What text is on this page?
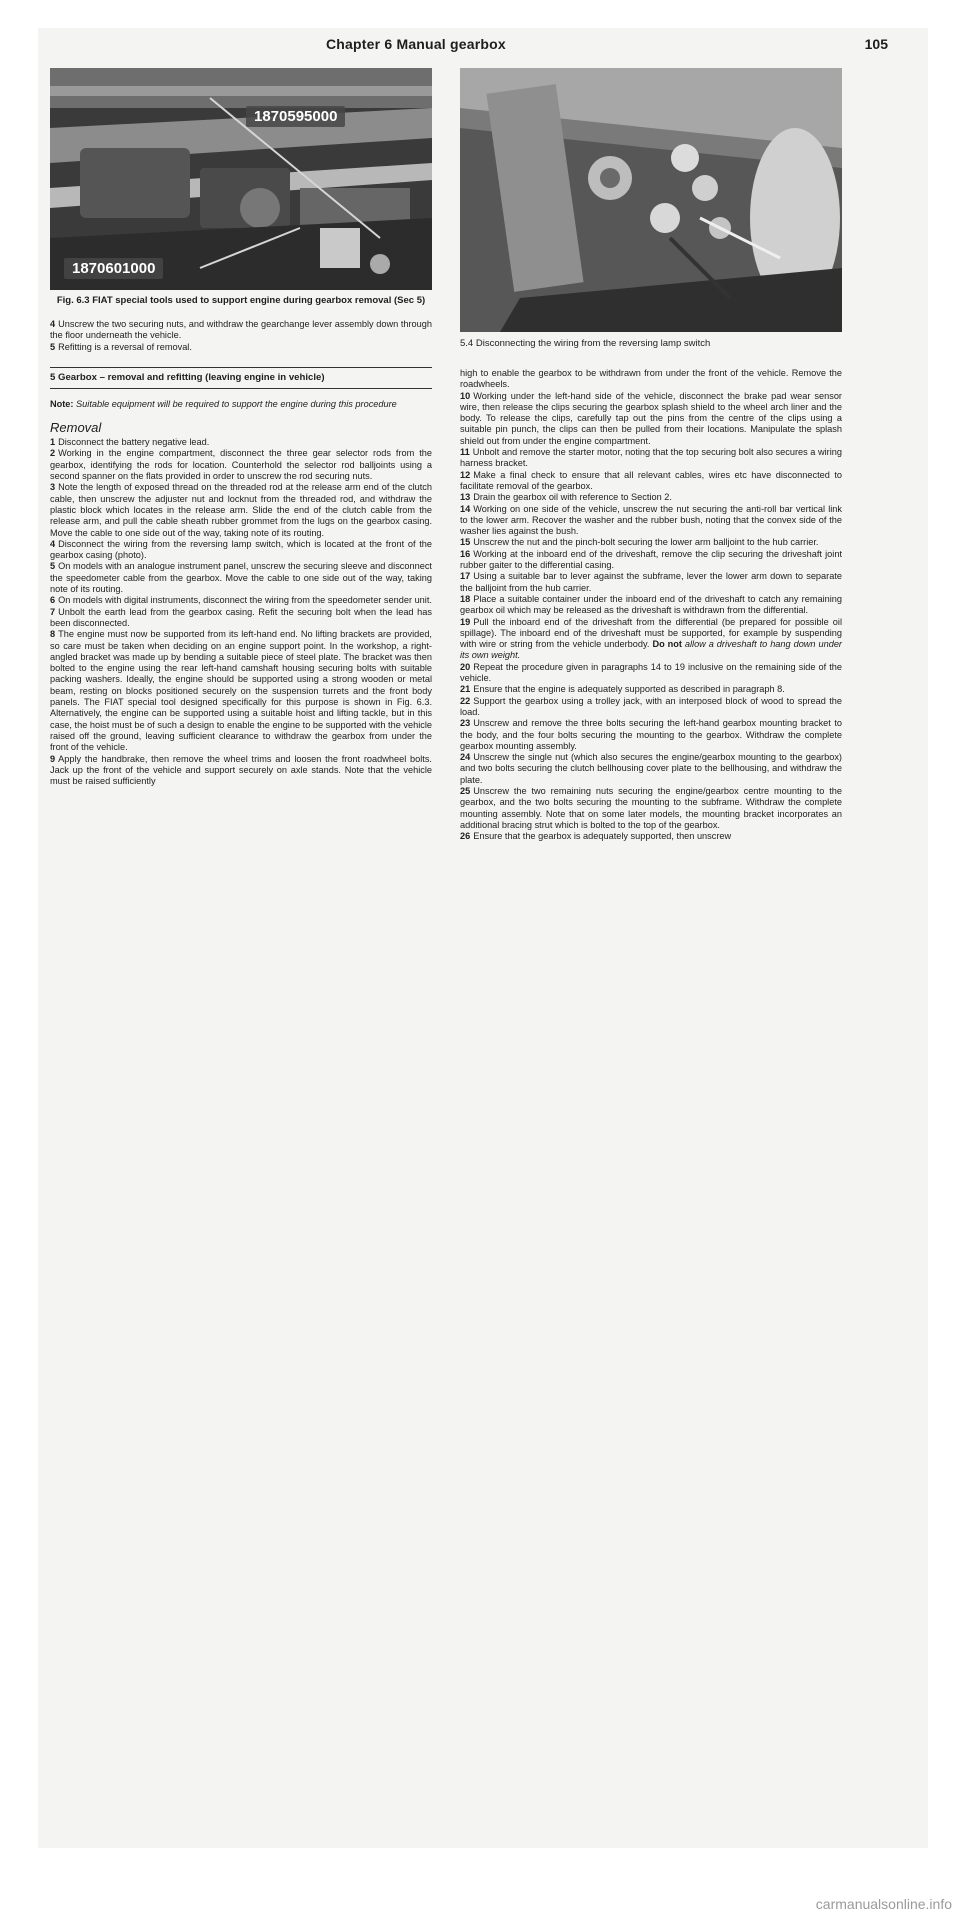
Chapter 6 Manual gearbox	105
1870595000
1870601000
Fig. 6.3 FIAT special tools used to support engine during gearbox removal (Sec 5)

4 Unscrew the two securing nuts, and withdraw the gearchange lever assembly down through the floor underneath the vehicle.

5 Refitting is a reversal of removal.

5 Gearbox – removal and refitting (leaving engine in vehicle)

Note: Suitable equipment will be required to support the engine during this procedure

Removal

1 Disconnect the battery negative lead.

2 Working in the engine compartment, disconnect the three gear selector rods from the gearbox, identifying the rods for location. Counterhold the selector rod balljoints using a second spanner on the flats provided in order to unscrew the rod securing nuts.

3 Note the length of exposed thread on the threaded rod at the release arm end of the clutch cable, then unscrew the adjuster nut and locknut from the threaded rod, and withdraw the plastic block which locates in the release arm. Slide the end of the clutch cable from the release arm, and pull the cable sheath rubber grommet from the lugs on the gearbox casing. Move the cable to one side out of the way, taking note of its routing.

4 Disconnect the wiring from the reversing lamp switch, which is located at the front of the gearbox casing (photo).

5 On models with an analogue instrument panel, unscrew the securing sleeve and disconnect the speedometer cable from the gearbox. Move the cable to one side out of the way, taking note of its routing.

6 On models with digital instruments, disconnect the wiring from the speedometer sender unit.

7 Unbolt the earth lead from the gearbox casing. Refit the securing bolt when the lead has been disconnected.

8 The engine must now be supported from its left-hand end. No lifting brackets are provided, so care must be taken when deciding on an engine support point. In the workshop, a right-angled bracket was made up by bending a suitable piece of steel plate. The bracket was then bolted to the engine using the rear left-hand camshaft housing securing bolts with suitable packing washers. Ideally, the engine should be supported using a strong wooden or metal beam, resting on blocks positioned securely on the suspension turrets and the front body panels. The FIAT special tool designed specifically for this purpose is shown in Fig. 6.3. Alternatively, the engine can be supported using a suitable hoist and lifting tackle, but in this case, the hoist must be of such a design to enable the engine to be supported with the vehicle raised off the ground, leaving sufficient clearance to withdraw the gearbox from under the front of the vehicle.

9 Apply the handbrake, then remove the wheel trims and loosen the front roadwheel bolts. Jack up the front of the vehicle and support securely on axle stands. Note that the vehicle must be raised sufficiently

5.4 Disconnecting the wiring from the reversing lamp switch

high to enable the gearbox to be withdrawn from under the front of the vehicle. Remove the roadwheels.

10 Working under the left-hand side of the vehicle, disconnect the brake pad wear sensor wire, then release the clips securing the gearbox splash shield to the wheel arch liner and the body. To release the clips, carefully tap out the pins from the centre of the clips using a suitable pin punch, the clips can then be pulled from their locations. Manipulate the splash shield out from under the engine compartment.

11 Unbolt and remove the starter motor, noting that the top securing bolt also secures a wiring harness bracket.

12 Make a final check to ensure that all relevant cables, wires etc have disconnected to facilitate removal of the gearbox.

13 Drain the gearbox oil with reference to Section 2.

14 Working on one side of the vehicle, unscrew the nut securing the anti-roll bar vertical link to the lower arm. Recover the washer and the rubber bush, noting that the convex side of the washer lies against the bush.

15 Unscrew the nut and the pinch-bolt securing the lower arm balljoint to the hub carrier.

16 Working at the inboard end of the driveshaft, remove the clip securing the driveshaft joint rubber gaiter to the differential casing.

17 Using a suitable bar to lever against the subframe, lever the lower arm down to separate the balljoint from the hub carrier.

18 Place a suitable container under the inboard end of the driveshaft to catch any remaining gearbox oil which may be released as the driveshaft is withdrawn from the differential.

19 Pull the inboard end of the driveshaft from the differential (be prepared for possible oil spillage). The inboard end of the driveshaft must be supported, for example by suspending with wire or string from the vehicle underbody. Do not allow a driveshaft to hang down under its own weight.

20 Repeat the procedure given in paragraphs 14 to 19 inclusive on the remaining side of the vehicle.

21 Ensure that the engine is adequately supported as described in paragraph 8.

22 Support the gearbox using a trolley jack, with an interposed block of wood to spread the load.

23 Unscrew and remove the three bolts securing the left-hand gearbox mounting bracket to the body, and the four bolts securing the mounting to the gearbox. Withdraw the complete gearbox mounting assembly.

24 Unscrew the single nut (which also secures the engine/gearbox mounting to the gearbox) and two bolts securing the clutch bellhousing cover plate to the bellhousing, and withdraw the plate.

25 Unscrew the two remaining nuts securing the engine/gearbox centre mounting to the gearbox, and the two bolts securing the mounting to the subframe. Withdraw the complete mounting assembly. Note that on some later models, the mounting bracket incorporates an additional bracing strut which is bolted to the top of the gearbox.

26 Ensure that the gearbox is adequately supported, then unscrew

carmanualsonline.info
